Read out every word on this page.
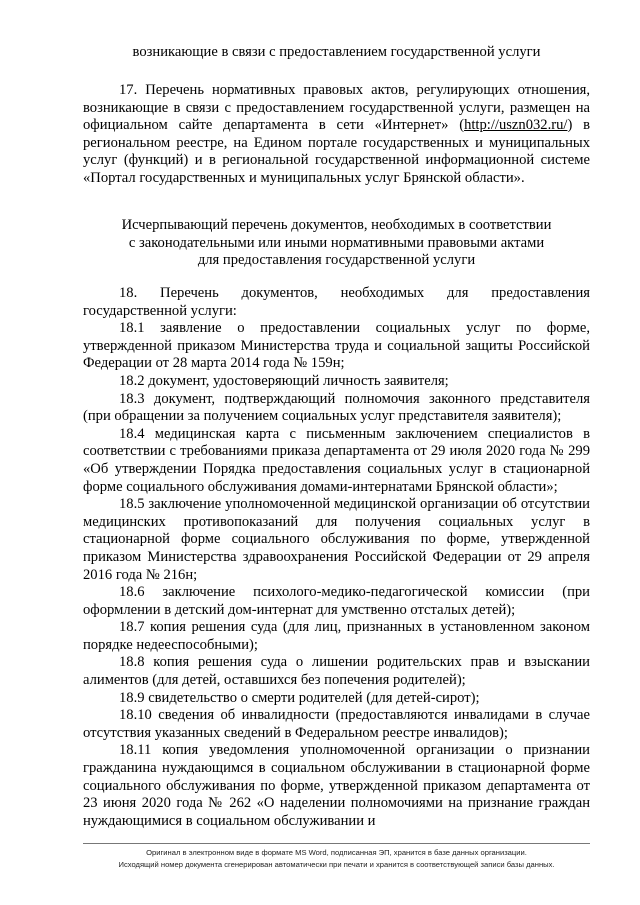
возникающие в связи с предоставлением государственной услуги

17. Перечень нормативных правовых актов, регулирующих отношения, возникающие в связи с предоставлением государственной услуги, размещен на официальном сайте департамента в сети «Интернет» (http://uszn032.ru/) в региональном реестре, на Едином портале государственных и муниципальных услуг (функций) и в региональной государственной информационной системе «Портал государственных и муниципальных услуг Брянской области».

Исчерпывающий перечень документов, необходимых в соответствии

с законодательными или иными нормативными правовыми актами

для предоставления государственной услуги

18. Перечень документов, необходимых для предоставления государственной услуги:

18.1 заявление о предоставлении социальных услуг по форме, утвержденной приказом Министерства труда и социальной защиты Российской Федерации от 28 марта 2014 года № 159н;

18.2 документ, удостоверяющий личность заявителя;

18.3 документ, подтверждающий полномочия законного представителя (при обращении за получением социальных услуг представителя заявителя);

18.4 медицинская карта с письменным заключением специалистов в соответствии с требованиями приказа департамента от 29 июля 2020 года № 299 «Об утверждении Порядка предоставления социальных услуг в стационарной форме социального обслуживания домами-интернатами Брянской области»;

18.5 заключение уполномоченной медицинской организации об отсутствии медицинских противопоказаний для получения социальных услуг в стационарной форме социального обслуживания по форме, утвержденной приказом Министерства здравоохранения Российской Федерации от 29 апреля 2016 года № 216н;

18.6 заключение психолого-медико-педагогической комиссии (при оформлении в детский дом-интернат для умственно отсталых детей);

18.7 копия решения суда (для лиц, признанных в установленном законом порядке недееспособными);

18.8 копия решения суда о лишении родительских прав и взыскании алиментов (для детей, оставшихся без попечения родителей);

18.9 свидетельство о смерти родителей (для детей-сирот);

18.10 сведения об инвалидности (предоставляются инвалидами в случае отсутствия указанных сведений в Федеральном реестре инвалидов);

18.11 копия уведомления уполномоченной организации о признании гражданина нуждающимся в социальном обслуживании в стационарной форме социального обслуживания по форме, утвержденной приказом департамента от 23 июня 2020 года № 262 «О наделении полномочиями на признание граждан нуждающимися в социальном обслуживании и

Оригинал в электронном виде в формате MS Word, подписанная ЭП, хранится в базе данных организации.
Исходящий номер документа сгенерирован автоматически при печати и хранится в соответствующей записи базы данных.
